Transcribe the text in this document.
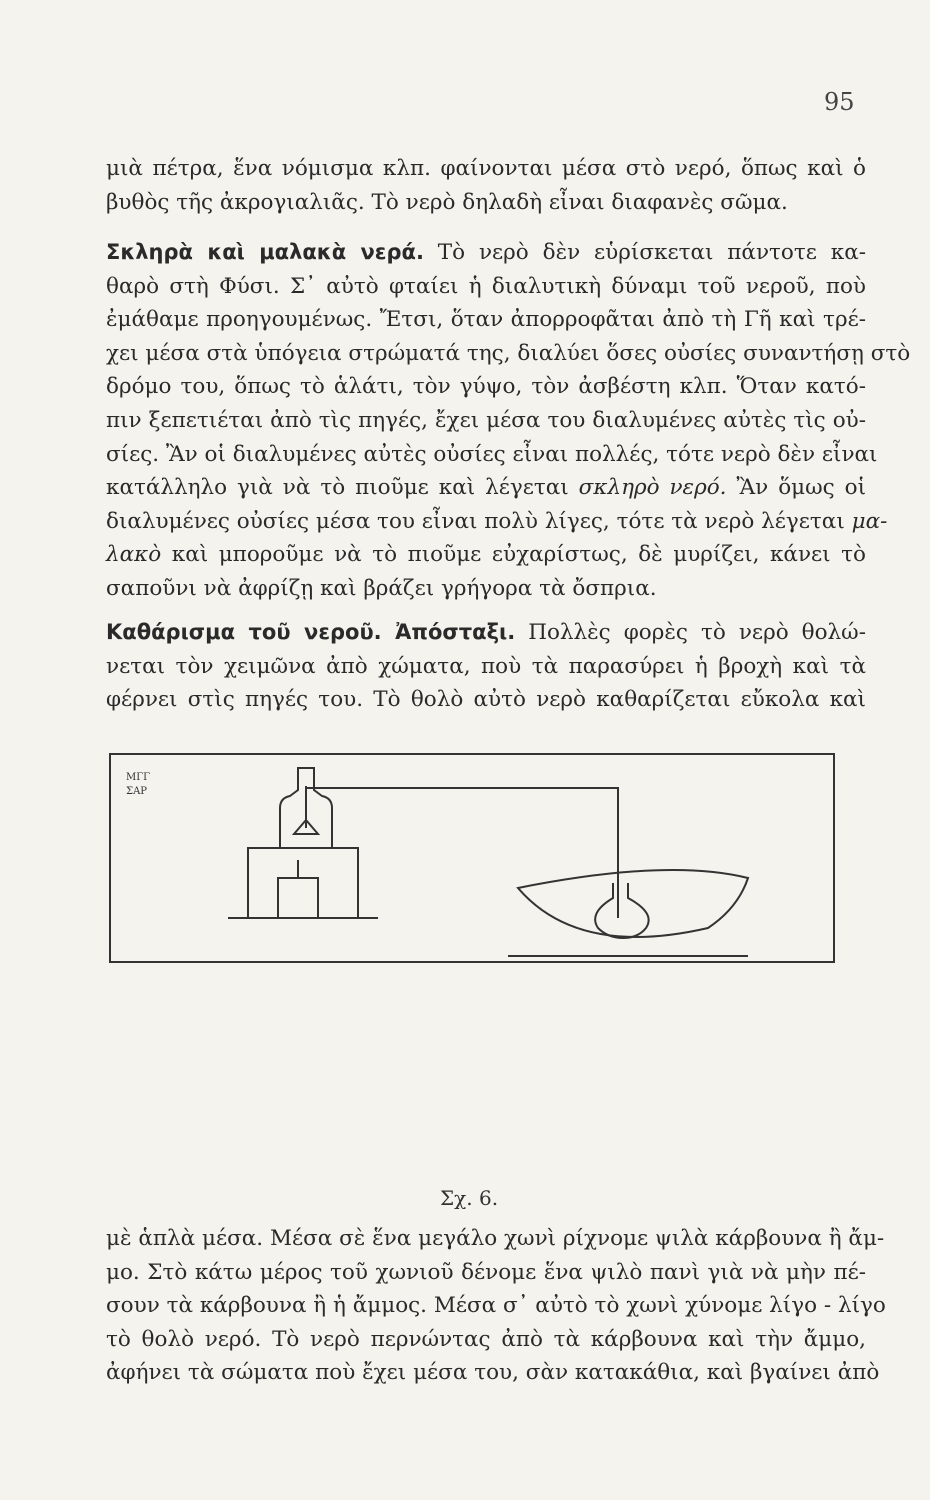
95
μιὰ πέτρα, ἕνα νόμισμα κλπ. φαίνονται μέσα στὸ νερό, ὅπως καὶ ὁ
βυθὸς τῆς ἀκρογιαλιᾶς. Τὸ νερὸ δηλαδὴ εἶναι διαφανὲς σῶμα.
Σκληρὰ καὶ μαλακὰ νερά. Τὸ νερὸ δὲν εὑρίσκεται πάντοτε κα-
θαρὸ στὴ Φύσι. Σ᾽ αὐτὸ φταίει ἡ διαλυτικὴ δύναμι τοῦ νεροῦ, ποὺ
ἐμάθαμε προηγουμένως. Ἔτσι, ὅταν ἀπορροφᾶται ἀπὸ τὴ Γῆ καὶ τρέ-
χει μέσα στὰ ὑπόγεια στρώματά της, διαλύει ὅσες οὐσίες συναντήσῃ στὸ
δρόμο του, ὅπως τὸ ἁλάτι, τὸν γύψο, τὸν ἀσβέστη κλπ. Ὅταν κατό-
πιν ξεπετιέται ἀπὸ τὶς πηγές, ἔχει μέσα του διαλυμένες αὐτὲς τὶς οὐ-
σίες. Ἂν οἱ διαλυμένες αὐτὲς οὐσίες εἶναι πολλές, τότε νερὸ δὲν εἶναι
κατάλληλο γιὰ νὰ τὸ πιοῦμε καὶ λέγεται σκληρὸ νερό. Ἂν ὅμως οἱ
διαλυμένες οὐσίες μέσα του εἶναι πολὺ λίγες, τότε τὰ νερὸ λέγεται μα-
λακὸ καὶ μποροῦμε νὰ τὸ πιοῦμε εὐχαρίστως, δὲ μυρίζει, κάνει τὸ
σαποῦνι νὰ ἀφρίζῃ καὶ βράζει γρήγορα τὰ ὄσπρια.
Καθάρισμα τοῦ νεροῦ. Ἀπόσταξι. Πολλὲς φορὲς τὸ νερὸ θολώ-
νεται τὸν χειμῶνα ἀπὸ χώματα, ποὺ τὰ παρασύρει ἡ βροχὴ καὶ τὰ
φέρνει στὶς πηγές του. Τὸ θολὸ αὐτὸ νερὸ καθαρίζεται εὔκολα καὶ
ΜΓΓ
ΣΑΡ
Σχ. 6.
μὲ ἁπλὰ μέσα. Μέσα σὲ ἕνα μεγάλο χωνὶ ρίχνομε ψιλὰ κάρβουνα ἢ ἄμ-
μο. Στὸ κάτω μέρος τοῦ χωνιοῦ δένομε ἕνα ψιλὸ πανὶ γιὰ νὰ μὴν πέ-
σουν τὰ κάρβουνα ἢ ἡ ἄμμος. Μέσα σ᾽ αὐτὸ τὸ χωνὶ χύνομε λίγο - λίγο
τὸ θολὸ νερό. Τὸ νερὸ περνώντας ἀπὸ τὰ κάρβουνα καὶ τὴν ἄμμο,
ἀφήνει τὰ σώματα ποὺ ἔχει μέσα του, σὰν κατακάθια, καὶ βγαίνει ἀπὸ
